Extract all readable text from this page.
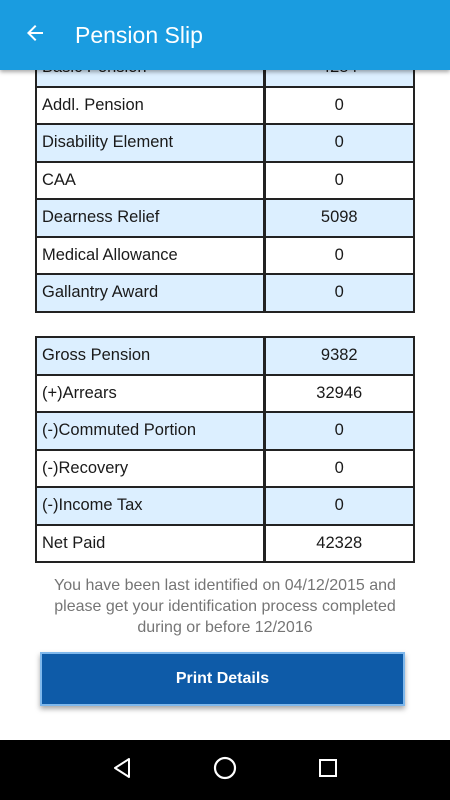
Addl. Pension	0
Disability Element	0
CAA	0
Dearness Relief	5098
Medical Allowance	0
Gallantry Award	0
Gross Pension	9382
(+)Arrears	32946
(-)Commuted Portion	0
(-)Recovery	0
(-)Income Tax	0
Net Paid	42328

You have been last identified on 04/12/2015 and please get your identification process completed during or before 12/2016

Print Details
Pension Slip
